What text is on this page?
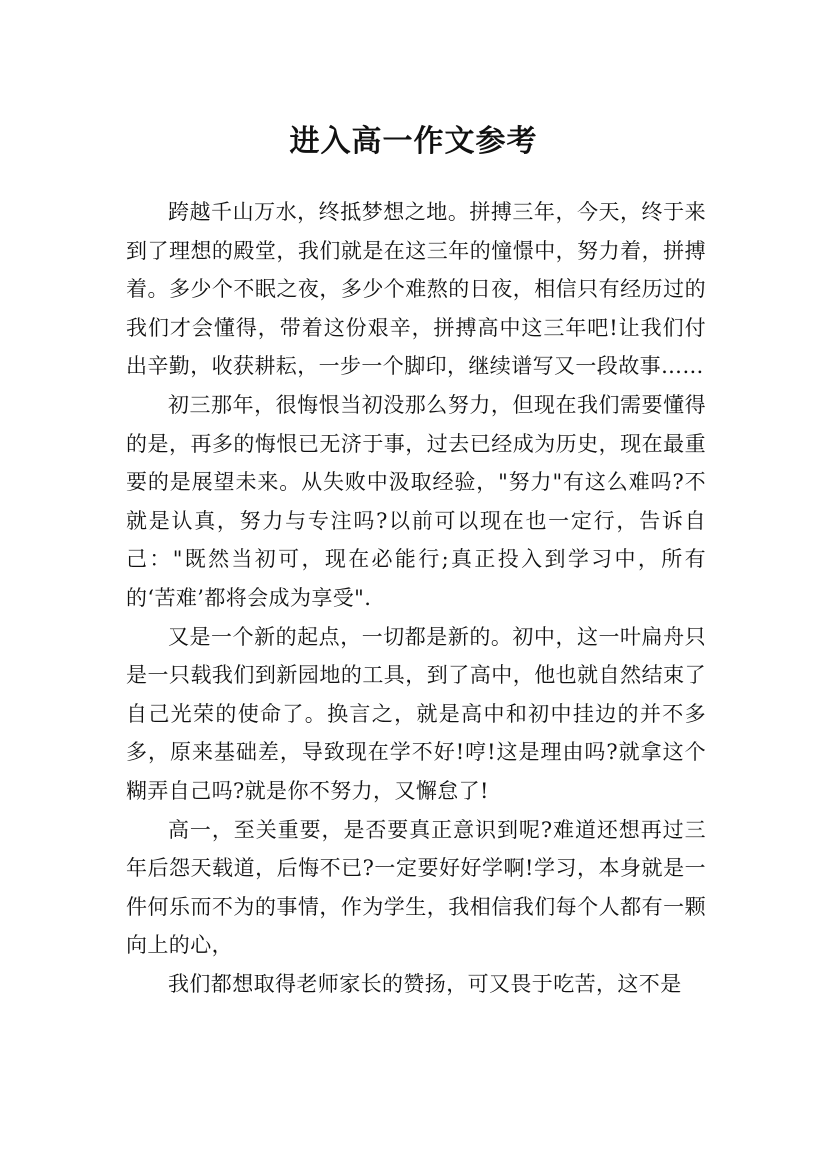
进入高一作文参考

跨越千山万水，终抵梦想之地。拼搏三年，今天，终于来到了理想的殿堂，我们就是在这三年的憧憬中，努力着，拼搏着。多少个不眠之夜，多少个难熬的日夜，相信只有经历过的我们才会懂得，带着这份艰辛，拼搏高中这三年吧!让我们付出辛勤，收获耕耘，一步一个脚印，继续谱写又一段故事……

初三那年，很悔恨当初没那么努力，但现在我们需要懂得的是，再多的悔恨已无济于事，过去已经成为历史，现在最重要的是展望未来。从失败中汲取经验，"努力"有这么难吗?不就是认真，努力与专注吗?以前可以现在也一定行，告诉自己："既然当初可，现在必能行;真正投入到学习中，所有的‘苦难’都将会成为享受".

又是一个新的起点，一切都是新的。初中，这一叶扁舟只是一只载我们到新园地的工具，到了高中，他也就自然结束了自己光荣的使命了。换言之，就是高中和初中挂边的并不多多，原来基础差，导致现在学不好!哼!这是理由吗?就拿这个糊弄自己吗?就是你不努力，又懈怠了!

高一，至关重要，是否要真正意识到呢?难道还想再过三年后怨天载道，后悔不已?一定要好好学啊!学习，本身就是一件何乐而不为的事情，作为学生，我相信我们每个人都有一颗向上的心，

我们都想取得老师家长的赞扬，可又畏于吃苦，这不是
